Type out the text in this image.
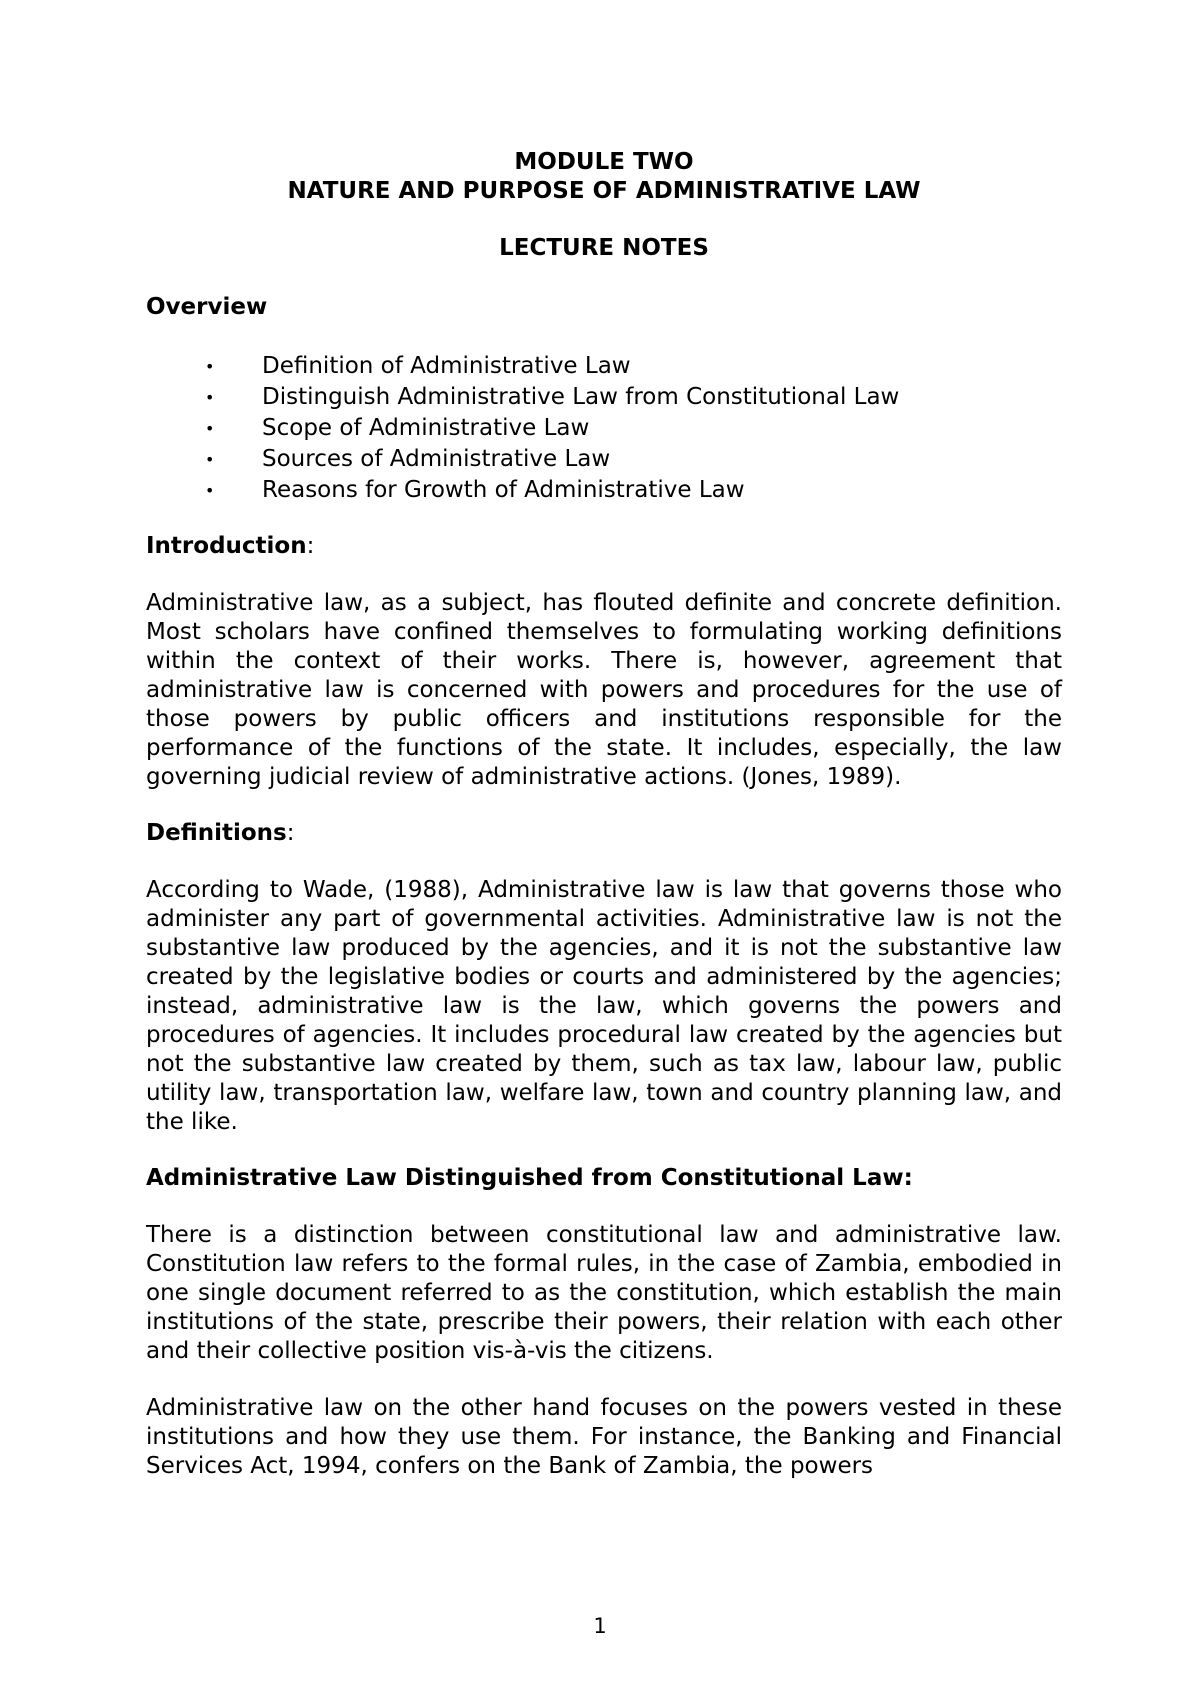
MODULE TWO

NATURE AND PURPOSE OF ADMINISTRATIVE LAW

LECTURE NOTES

Overview

• Definition of Administrative Law
• Distinguish Administrative Law from Constitutional Law
• Scope of Administrative Law
• Sources of Administrative Law
• Reasons for Growth of Administrative Law

Introduction:

Administrative law, as a subject, has flouted definite and concrete definition. Most scholars have confined themselves to formulating working definitions within the context of their works. There is, however, agreement that administrative law is concerned with powers and procedures for the use of those powers by public officers and institutions responsible for the performance of the functions of the state. It includes, especially, the law governing judicial review of administrative actions. (Jones, 1989).

Definitions:

According to Wade, (1988), Administrative law is law that governs those who administer any part of governmental activities. Administrative law is not the substantive law produced by the agencies, and it is not the substantive law created by the legislative bodies or courts and administered by the agencies; instead, administrative law is the law, which governs the powers and procedures of agencies. It includes procedural law created by the agencies but not the substantive law created by them, such as tax law, labour law, public utility law, transportation law, welfare law, town and country planning law, and the like.

Administrative Law Distinguished from Constitutional Law:

There is a distinction between constitutional law and administrative law. Constitution law refers to the formal rules, in the case of Zambia, embodied in one single document referred to as the constitution, which establish the main institutions of the state, prescribe their powers, their relation with each other and their collective position vis-à-vis the citizens.

Administrative law on the other hand focuses on the powers vested in these institutions and how they use them. For instance, the Banking and Financial Services Act, 1994, confers on the Bank of Zambia, the powers

1
